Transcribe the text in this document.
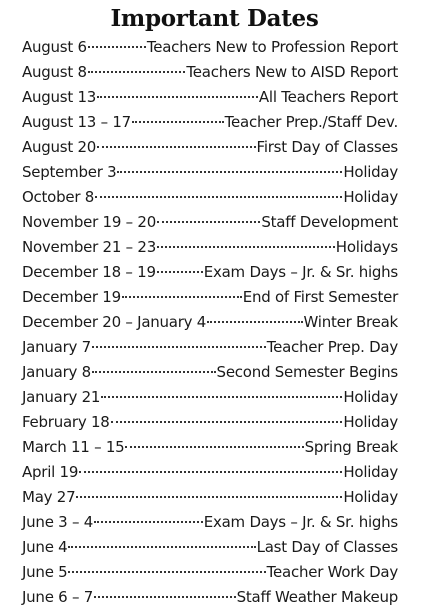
Important Dates
August 6	Teachers New to Profession Report
August 8	Teachers New to AISD Report
August 13	All Teachers Report
August 13 – 17	Teacher Prep./Staff Dev.
August 20	First Day of Classes
September 3	Holiday
October 8	Holiday
November 19 – 20	Staff Development
November 21 – 23	Holidays
December 18 – 19	Exam Days – Jr. & Sr. highs
December 19	End of First Semester
December 20 – January 4	Winter Break
January 7	Teacher Prep. Day
January 8	Second Semester Begins
January 21	Holiday
February 18	Holiday
March 11 – 15	Spring Break
April 19	Holiday
May 27	Holiday
June 3 – 4	Exam Days – Jr. & Sr. highs
June 4	Last Day of Classes
June 5	Teacher Work Day
June 6 – 7	Staff Weather Makeup
